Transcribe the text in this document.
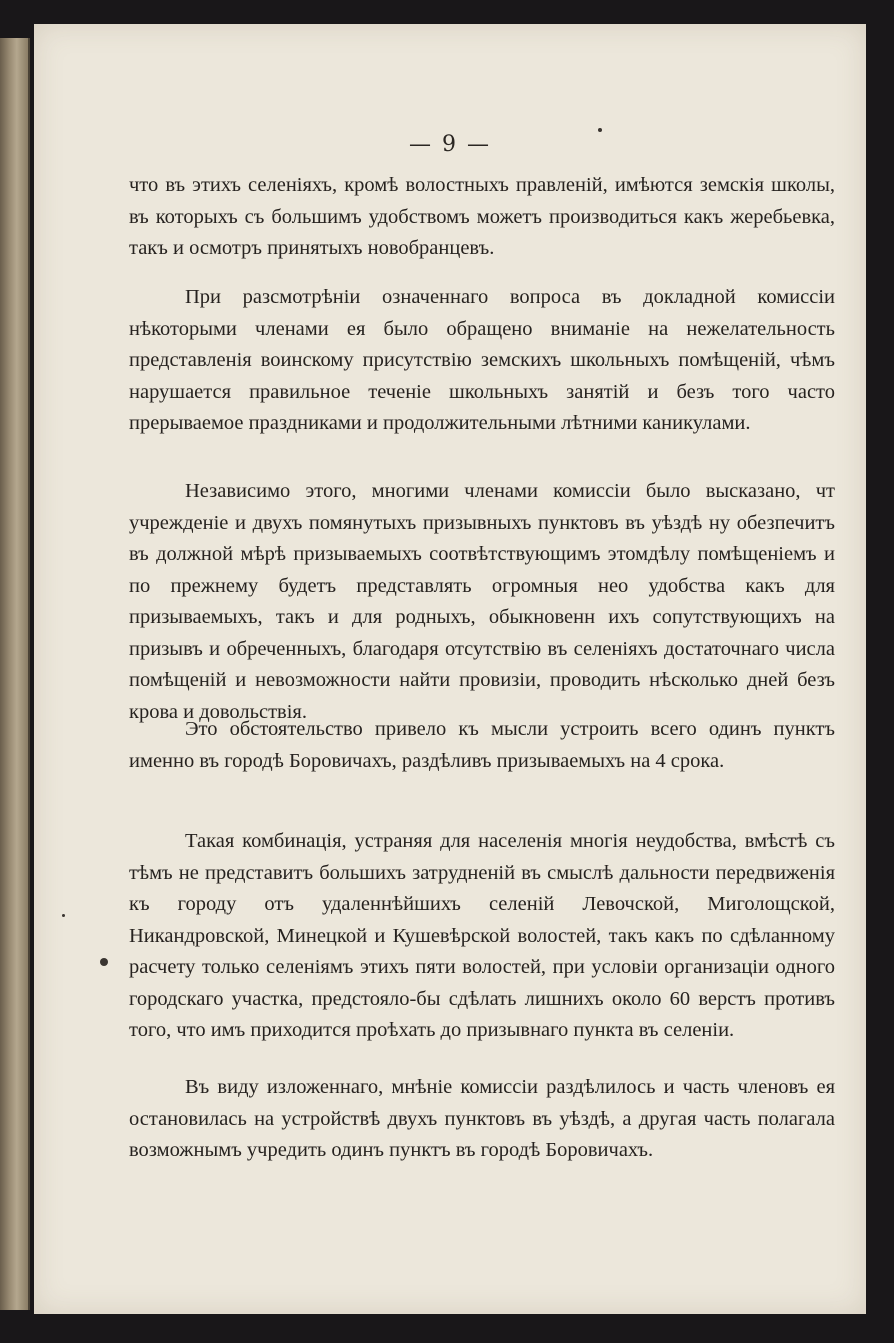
— 9 —

что въ этихъ селеніяхъ, кромѣ волостныхъ правленій, имѣются земскія школы, въ которыхъ съ большимъ удобствомъ можетъ производиться какъ жеребьевка, такъ и осмотръ принятыхъ новобранцевъ.

При разсмотрѣніи означеннаго вопроса въ докладной комиссіи нѣкоторыми членами ея было обращено вниманіе на нежелательность представленія воинскому присутствію земскихъ школьныхъ помѣщеній, чѣмъ нарушается правильное теченіе школьныхъ занятій и безъ того часто прерываемое праздниками и продолжительными лѣтними каникулами.

Независимо этого, многими членами комиссіи было высказано, чт учрежденіе и двухъ помянутыхъ призывныхъ пунктовъ въ уѣздѣ ну обезпечитъ въ должной мѣрѣ призываемыхъ соотвѣтствующимъ этомдѣлу помѣщеніемъ и по прежнему будетъ представлять огромныя нео удобства какъ для призываемыхъ, такъ и для родныхъ, обыкновенн ихъ сопутствующихъ на призывъ и обреченныхъ, благодаря отсутствію въ селеніяхъ достаточнаго числа помѣщеній и невозможности найти провизіи, проводить нѣсколько дней безъ крова и довольствія.

Это обстоятельство привело къ мысли устроить всего одинъ пунктъ именно въ городѣ Боровичахъ, раздѣливъ призываемыхъ на 4 срока.

Такая комбинація, устраняя для населенія многія неудобства, вмѣстѣ съ тѣмъ не представитъ большихъ затрудненій въ смыслѣ дальности передвиженія къ городу отъ удаленнѣйшихъ селеній Левочской, Миголощской, Никандровской, Минецкой и Кушевѣрской волостей, такъ какъ по сдѣланному расчету только селеніямъ этихъ пяти волостей, при условіи организаціи одного городскаго участка, предстояло-бы сдѣлать лишнихъ около 60 верстъ противъ того, что имъ приходится проѣхать до призывнаго пункта въ селеніи.

Въ виду изложеннаго, мнѣніе комиссіи раздѣлилось и часть членовъ ея остановилась на устройствѣ двухъ пунктовъ въ уѣздѣ, а другая часть полагала возможнымъ учредить одинъ пунктъ въ городѣ Боровичахъ.
